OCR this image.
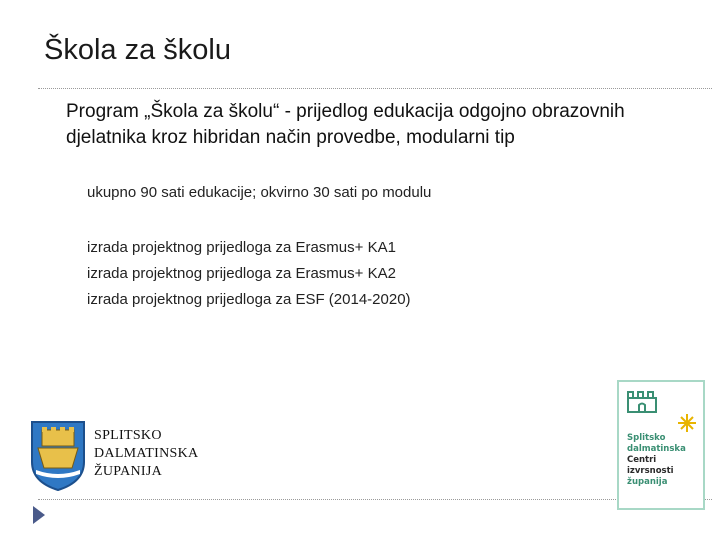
Škola za školu
Program „Škola za školu“ - prijedlog edukacija odgojno obrazovnih djelatnika kroz hibridan način provedbe, modularni tip
ukupno 90 sati edukacije; okvirno 30 sati po modulu
izrada projektnog prijedloga za Erasmus+ KA1
izrada projektnog prijedloga za Erasmus+ KA2
izrada projektnog prijedloga za ESF (2014-2020)
SPLITSKO
DALMATINSKA
ŽUPANIJA
Splitsko
dalmatinska
Centri
izvrsnosti
županija
